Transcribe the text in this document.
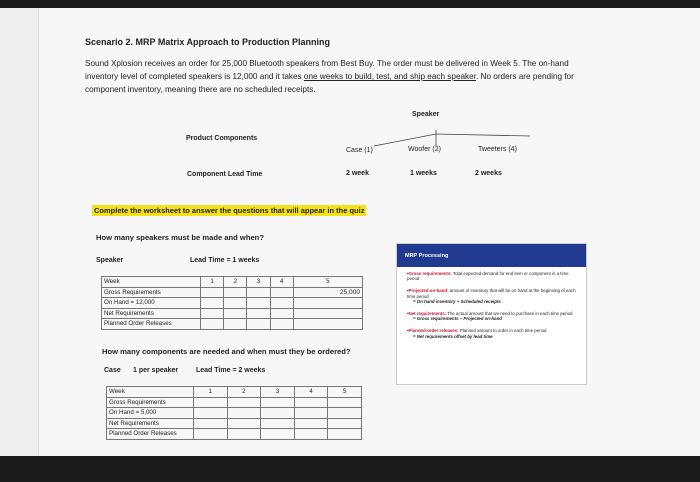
Scenario 2. MRP Matrix Approach to Production Planning
Sound Xplosion receives an order for 25,000 Bluetooth speakers from Best Buy. The order must be delivered in Week 5. The on-hand inventory level of completed speakers is 12,000 and it takes one weeks to build, test, and ship each speaker. No orders are pending for component inventory, meaning there are no scheduled receipts.
Speaker
Product Components
Case (1)	Woofer (2)	Tweeters (4)
Component Lead Time	2 week	1 weeks	2 weeks
Complete the worksheet to answer the questions that will appear in the quiz
How many speakers must be made and when?
Speaker	Lead Time = 1 weeks
Week	1	2	3	4	5
Gross Requirements					25,000
On Hand = 12,000					
Net Requirements					
Planned Order Releases					
How many components are needed and when must they be ordered?
Case 1 per speaker	Lead Time = 2 weeks
Week	1	2	3	4	5
Gross Requirements					
On Hand = 5,000					
Net Requirements					
Planned Order Releases					
MRP Processing
•Gross requirements: Total expected demand for end item or component in a time period
•Projected on-hand: amount of inventory that will be on hand at the beginning of each time period
= On hand inventory + Scheduled receipts
•Net requirements: The actual amount that we need to purchase in each time period
= Gross requirements – Projected on-hand
•Planned-order releases: Planned amount to order in each time period
= Net requirements offset by lead time
